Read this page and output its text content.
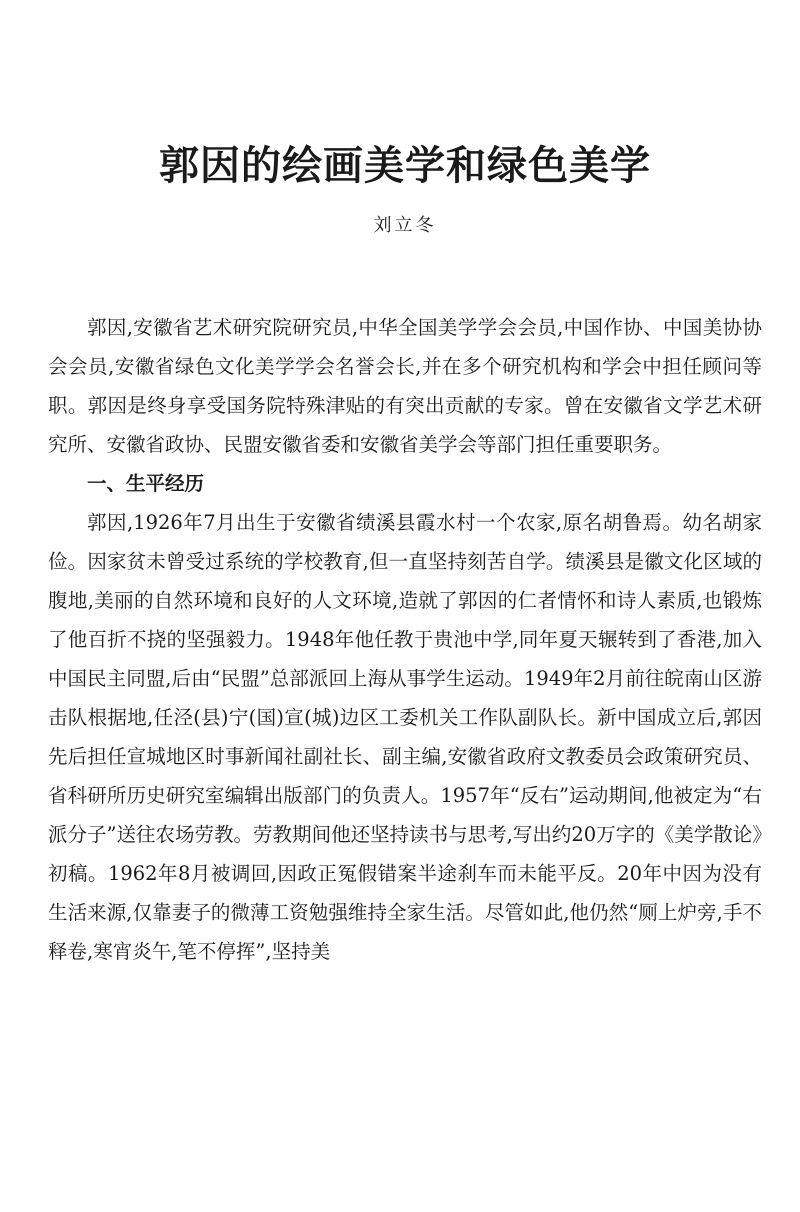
郭因的绘画美学和绿色美学
刘立冬

郭因,安徽省艺术研究院研究员,中华全国美学学会会员,中国作协、中国美协协会会员,安徽省绿色文化美学学会名誉会长,并在多个研究机构和学会中担任顾问等职。郭因是终身享受国务院特殊津贴的有突出贡献的专家。曾在安徽省文学艺术研究所、安徽省政协、民盟安徽省委和安徽省美学会等部门担任重要职务。

一、生平经历

郭因,1926年7月出生于安徽省绩溪县霞水村一个农家,原名胡鲁焉。幼名胡家俭。因家贫未曾受过系统的学校教育,但一直坚持刻苦自学。绩溪县是徽文化区域的腹地,美丽的自然环境和良好的人文环境,造就了郭因的仁者情怀和诗人素质,也锻炼了他百折不挠的坚强毅力。1948年他任教于贵池中学,同年夏天辗转到了香港,加入中国民主同盟,后由“民盟”总部派回上海从事学生运动。1949年2月前往皖南山区游击队根据地,任泾(县)宁(国)宣(城)边区工委机关工作队副队长。新中国成立后,郭因先后担任宣城地区时事新闻社副社长、副主编,安徽省政府文教委员会政策研究员、省科研所历史研究室编辑出版部门的负责人。1957年“反右”运动期间,他被定为“右派分子”送往农场劳教。劳教期间他还坚持读书与思考,写出约20万字的《美学散论》初稿。1962年8月被调回,因政正冤假错案半途刹车而未能平反。20年中因为没有生活来源,仅靠妻子的微薄工资勉强维持全家生活。尽管如此,他仍然“厕上炉旁,手不释卷,寒宵炎午,笔不停挥”,坚持美
